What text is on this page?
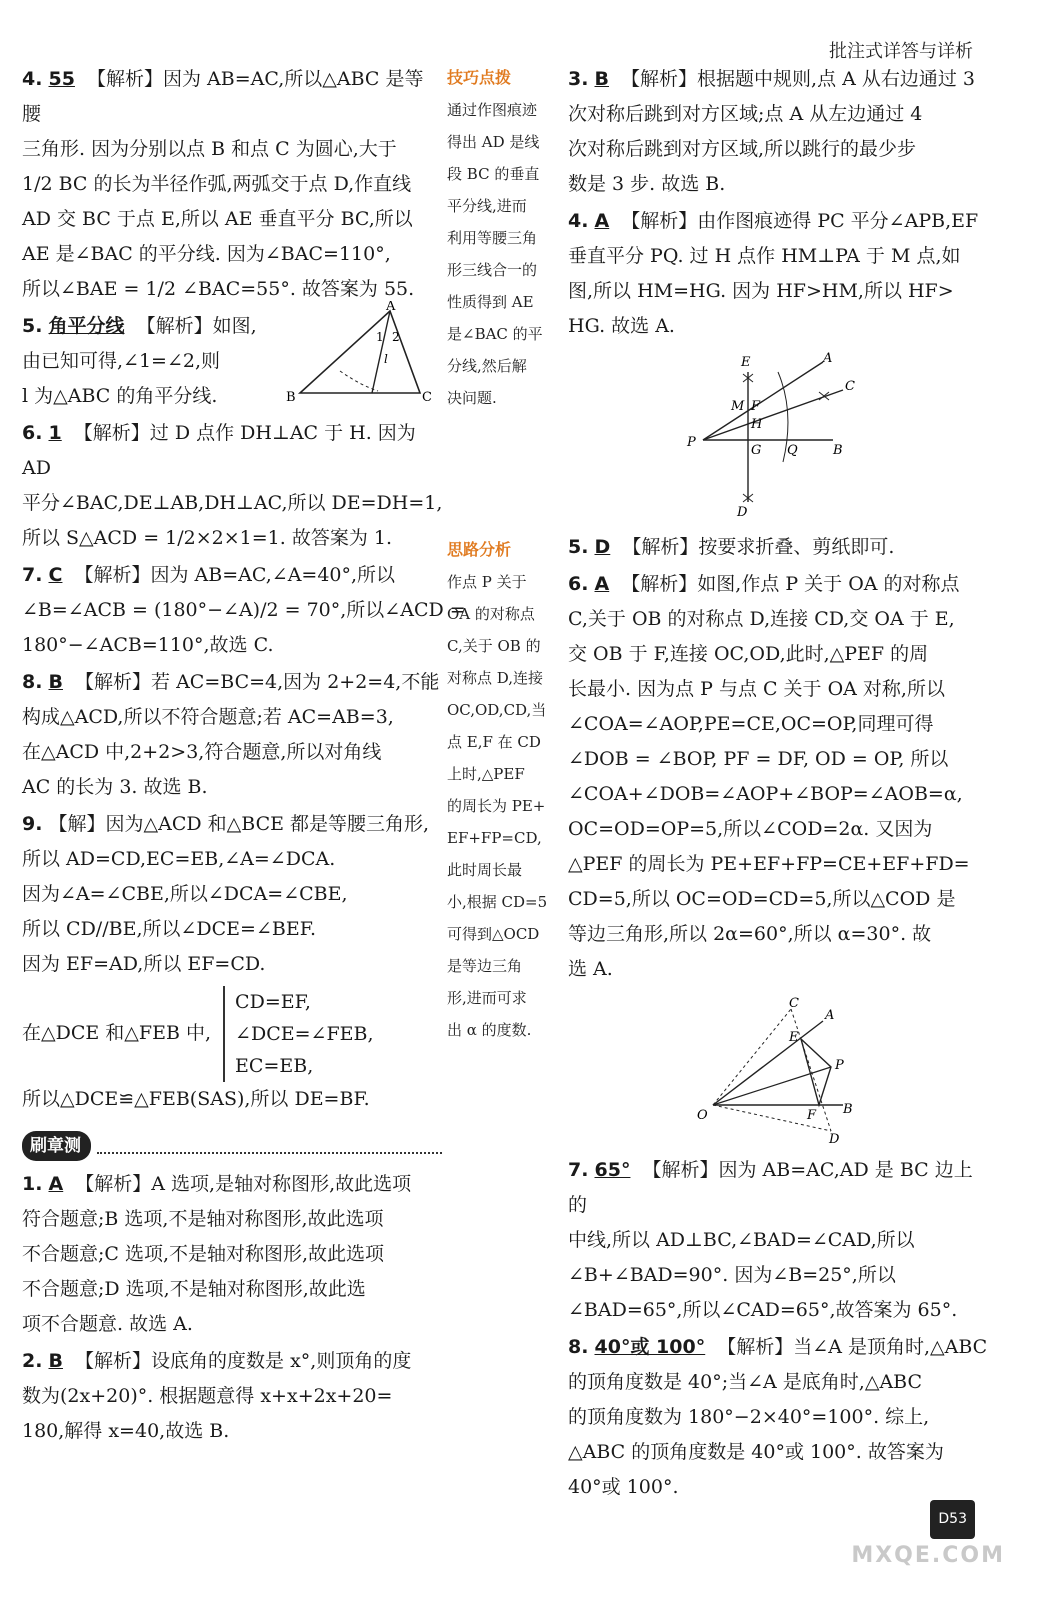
批注式详答与详析
4. 55 【解析】因为 AB=AC,所以△ABC 是等腰
三角形. 因为分别以点 B 和点 C 为圆心,大于
1/2 BC 的长为半径作弧,两弧交于点 D,作直线
AD 交 BC 于点 E,所以 AE 垂直平分 BC,所以
AE 是∠BAC 的平分线. 因为∠BAC=110°,
所以∠BAE = 1/2 ∠BAC=55°. 故答案为 55.
5. 角平分线 【解析】如图,
由已知可得,∠1=∠2,则
l 为△ABC 的角平分线.
A
B	C
1 2
l
6. 1 【解析】过 D 点作 DH⊥AC 于 H. 因为 AD
平分∠BAC,DE⊥AB,DH⊥AC,所以 DE=DH=1,
所以 S△ACD = 1/2×2×1=1. 故答案为 1.
7. C 【解析】因为 AB=AC,∠A=40°,所以
∠B=∠ACB = (180°−∠A)/2 = 70°,所以∠ACD =
180°−∠ACB=110°,故选 C.
8. B 【解析】若 AC=BC=4,因为 2+2=4,不能
构成△ACD,所以不符合题意;若 AC=AB=3,
在△ACD 中,2+2>3,符合题意,所以对角线
AC 的长为 3. 故选 B.
9. 【解】因为△ACD 和△BCE 都是等腰三角形,
所以 AD=CD,EC=EB,∠A=∠DCA.
因为∠A=∠CBE,所以∠DCA=∠CBE,
所以 CD//BE,所以∠DCE=∠BEF.
因为 EF=AD,所以 EF=CD.
在△DCE 和△FEB 中,
CD=EF,
∠DCE=∠FEB,
EC=EB,
所以△DCE≌△FEB(SAS),所以 DE=BF.
刷章测
1. A 【解析】A 选项,是轴对称图形,故此选项
符合题意;B 选项,不是轴对称图形,故此选项
不合题意;C 选项,不是轴对称图形,故此选项
不合题意;D 选项,不是轴对称图形,故此选
项不合题意. 故选 A.
2. B 【解析】设底角的度数是 x°,则顶角的度
数为(2x+20)°. 根据题意得 x+x+2x+20=
180,解得 x=40,故选 B.
技巧点拨
通过作图痕迹
得出 AD 是线
段 BC 的垂直
平分线,进而
利用等腰三角
形三线合一的
性质得到 AE
是∠BAC 的平
分线,然后解
决问题.
思路分析
作点 P 关于
OA 的对称点
C,关于 OB 的
对称点 D,连接
OC,OD,CD,当
点 E,F 在 CD
上时,△PEF
的周长为 PE+
EF+FP=CD,
此时周长最
小,根据 CD=5
可得到△OCD
是等边三角
形,进而可求
出 α 的度数.
3. B 【解析】根据题中规则,点 A 从右边通过 3
次对称后跳到对方区域;点 A 从左边通过 4
次对称后跳到对方区域,所以跳行的最少步
数是 3 步. 故选 B.
4. A 【解析】由作图痕迹得 PC 平分∠APB,EF
垂直平分 PQ. 过 H 点作 HM⊥PA 于 M 点,如
图,所以 HM=HG. 因为 HF>HM,所以 HF>
HG. 故选 A.
E	A
C
M F
H
P
G Q	B
D
5. D 【解析】按要求折叠、剪纸即可.
6. A 【解析】如图,作点 P 关于 OA 的对称点
C,关于 OB 的对称点 D,连接 CD,交 OA 于 E,
交 OB 于 F,连接 OC,OD,此时,△PEF 的周
长最小. 因为点 P 与点 C 关于 OA 对称,所以
∠COA=∠AOP,PE=CE,OC=OP,同理可得
∠DOB = ∠BOP, PF = DF, OD = OP, 所以
∠COA+∠DOB=∠AOP+∠BOP=∠AOB=α,
OC=OD=OP=5,所以∠COD=2α. 又因为
△PEF 的周长为 PE+EF+FP=CE+EF+FD=
CD=5,所以 OC=OD=CD=5,所以△COD 是
等边三角形,所以 2α=60°,所以 α=30°. 故
选 A.
C
A
E
P
O	F B
D
7. 65° 【解析】因为 AB=AC,AD 是 BC 边上的
中线,所以 AD⊥BC,∠BAD=∠CAD,所以
∠B+∠BAD=90°. 因为∠B=25°,所以
∠BAD=65°,所以∠CAD=65°,故答案为 65°.
8. 40°或 100° 【解析】当∠A 是顶角时,△ABC
的顶角度数是 40°;当∠A 是底角时,△ABC
的顶角度数为 180°−2×40°=100°. 综上,
△ABC 的顶角度数是 40°或 100°. 故答案为
40°或 100°.
D53
MXQE.COM
